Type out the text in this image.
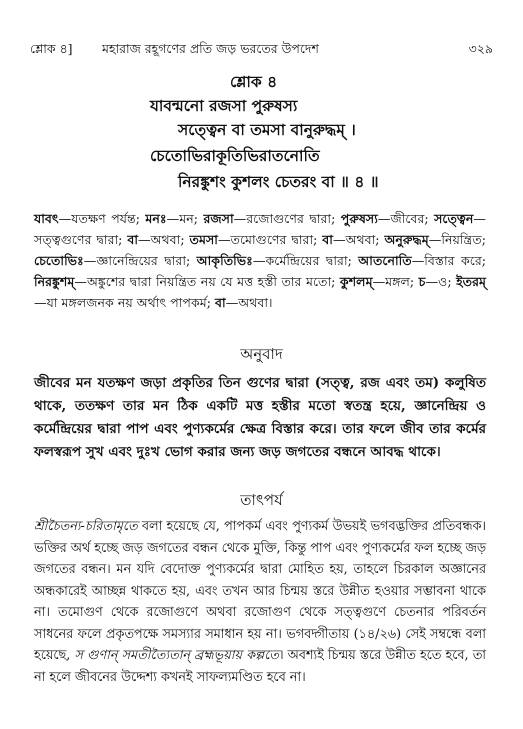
শ্লোক ৪] মহারাজ রহূগণের প্রতি জড় ভরতের উপদেশ	৩২৯
শ্লোক ৪
যাবন্মনো রজসা পুরুষস্য
সত্ত্বেন বা তমসা বানুরুদ্ধম্ ।
চেতোভিরাকূতিভিরাতনোতি
নিরঙ্কুশং কুশলং চেতরং বা ॥ ৪ ॥
যাবৎ—যতক্ষণ পর্যন্ত; মনঃ—মন; রজসা—রজোগুণের দ্বারা; পুরুষস্য—জীবের; সত্ত্বেন—সত্ত্বগুণের দ্বারা; বা—অথবা; তমসা—তমোগুণের দ্বারা; বা—অথবা; অনুরুদ্ধম্—নিয়ন্ত্রিত; চেতোভিঃ—জ্ঞানেন্দ্রিয়ের দ্বারা; আকৃতিভিঃ—কর্মেন্দ্রিয়ের দ্বারা; আতনোতি—বিস্তার করে; নিরঙ্কুশম্—অঙ্কুশের দ্বারা নিয়ন্ত্রিত নয় যে মত্ত হস্তী তার মতো; কুশলম্—মঙ্গল; চ—ও; ইতরম্—যা মঙ্গলজনক নয় অর্থাৎ পাপকর্ম; বা—অথবা।
অনুবাদ
জীবের মন যতক্ষণ জড়া প্রকৃতির তিন গুণের দ্বারা (সত্ত্ব, রজ এবং তম) কলুষিত থাকে, ততক্ষণ তার মন ঠিক একটি মত্ত হস্তীর মতো স্বতন্ত্র হয়ে, জ্ঞানেন্দ্রিয় ও কর্মেন্দ্রিয়ের দ্বারা পাপ এবং পুণ্যকর্মের ক্ষেত্র বিস্তার করে। তার ফলে জীব তার কর্মের ফলস্বরূপ সুখ এবং দুঃখ ভোগ করার জন্য জড় জগতের বন্ধনে আবদ্ধ থাকে।
তাৎপর্য
শ্রীচৈতন্য-চরিতামৃতে বলা হয়েছে যে, পাপকর্ম এবং পুণ্যকর্ম উভয়ই ভগবদ্ভক্তির প্রতিবন্ধক। ভক্তির অর্থ হচ্ছে জড় জগতের বন্ধন থেকে মুক্তি, কিন্তু পাপ এবং পুণ্যকর্মের ফল হচ্ছে জড় জগতের বন্ধন। মন যদি বেদোক্ত পুণ্যকর্মের দ্বারা মোহিত হয়, তাহলে চিরকাল অজ্ঞানের অন্ধকারেই আচ্ছন্ন থাকতে হয়, এবং তখন আর চিন্ময় স্তরে উন্নীত হওয়ার সম্ভাবনা থাকে না। তমোগুণ থেকে রজোগুণে অথবা রজোগুণ থেকে সত্ত্বগুণে চেতনার পরিবর্তন সাধনের ফলে প্রকৃতপক্ষে সমস্যার সমাধান হয় না। ভগবদ্গীতায় (১৪/২৬) সেই সম্বন্ধে বলা হয়েছে, স গুণান্ সমতীত্যৈতান্ ব্রহ্মভূয়ায় কল্পতে। অবশ্যই চিন্ময় স্তরে উন্নীত হতে হবে, তা না হলে জীবনের উদ্দেশ্য কখনই সাফল্যমণ্ডিত হবে না।
